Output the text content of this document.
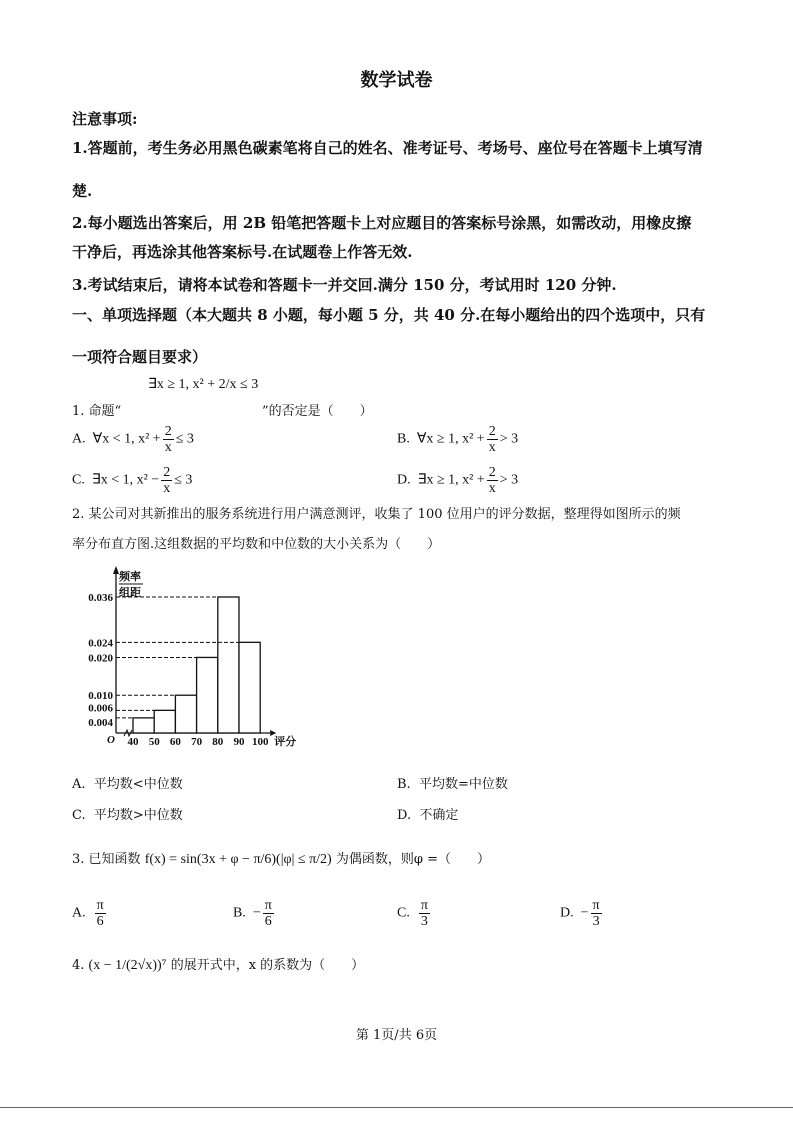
数学试卷
注意事项:
1.答题前，考生务必用黑色碳素笔将自己的姓名、准考证号、考场号、座位号在答题卡上填写清
楚.
2.每小题选出答案后，用 2B 铅笔把答题卡上对应题目的答案标号涂黑，如需改动，用橡皮擦
干净后，再选涂其他答案标号.在试题卷上作答无效.
3.考试结束后，请将本试卷和答题卡一并交回.满分 150 分，考试用时 120 分钟.
一、单项选择题（本大题共 8 小题，每小题 5 分，共 40 分.在每小题给出的四个选项中，只有
一项符合题目要求）
1. 命题“
∃x ≥ 1, x² + 2/x ≤ 3
”的否定是（　　）
A. ∀x < 1, $x^2 + \frac{2}{x} \le 3$	B. ∀x ≥ 1, $x^2 + \frac{2}{x} > 3$
C. ∃x < 1, $x^2 - \frac{2}{x} \le 3$	D. ∃x ≥ 1, $x^2 + \frac{2}{x} > 3$
2. 某公司对其新推出的服务系统进行用户满意测评，收集了 100 位用户的评分数据，整理得如图所示的频
率分布直方图.这组数据的平均数和中位数的大小关系为（　　）
频率
组距
0.036
0.024
0.020
0.010
0.006
0.004
40 50 60 70 80 90 100
O	评分
A. 平均数<中位数	B. 平均数=中位数
C. 平均数>中位数	D. 不确定
3. 已知函数 f(x) = sin(3x + φ − π/6)(|φ| ≤ π/2) 为偶函数，则φ =（　　）
A. $\frac{\pi}{6}$	B. − $\frac{\pi}{6}$	C. $\frac{\pi}{3}$	D. − $\frac{\pi}{3}$
4. (x − 1/(2√x))⁷ 的展开式中，x 的系数为（　　）
第 1页/共 6页
